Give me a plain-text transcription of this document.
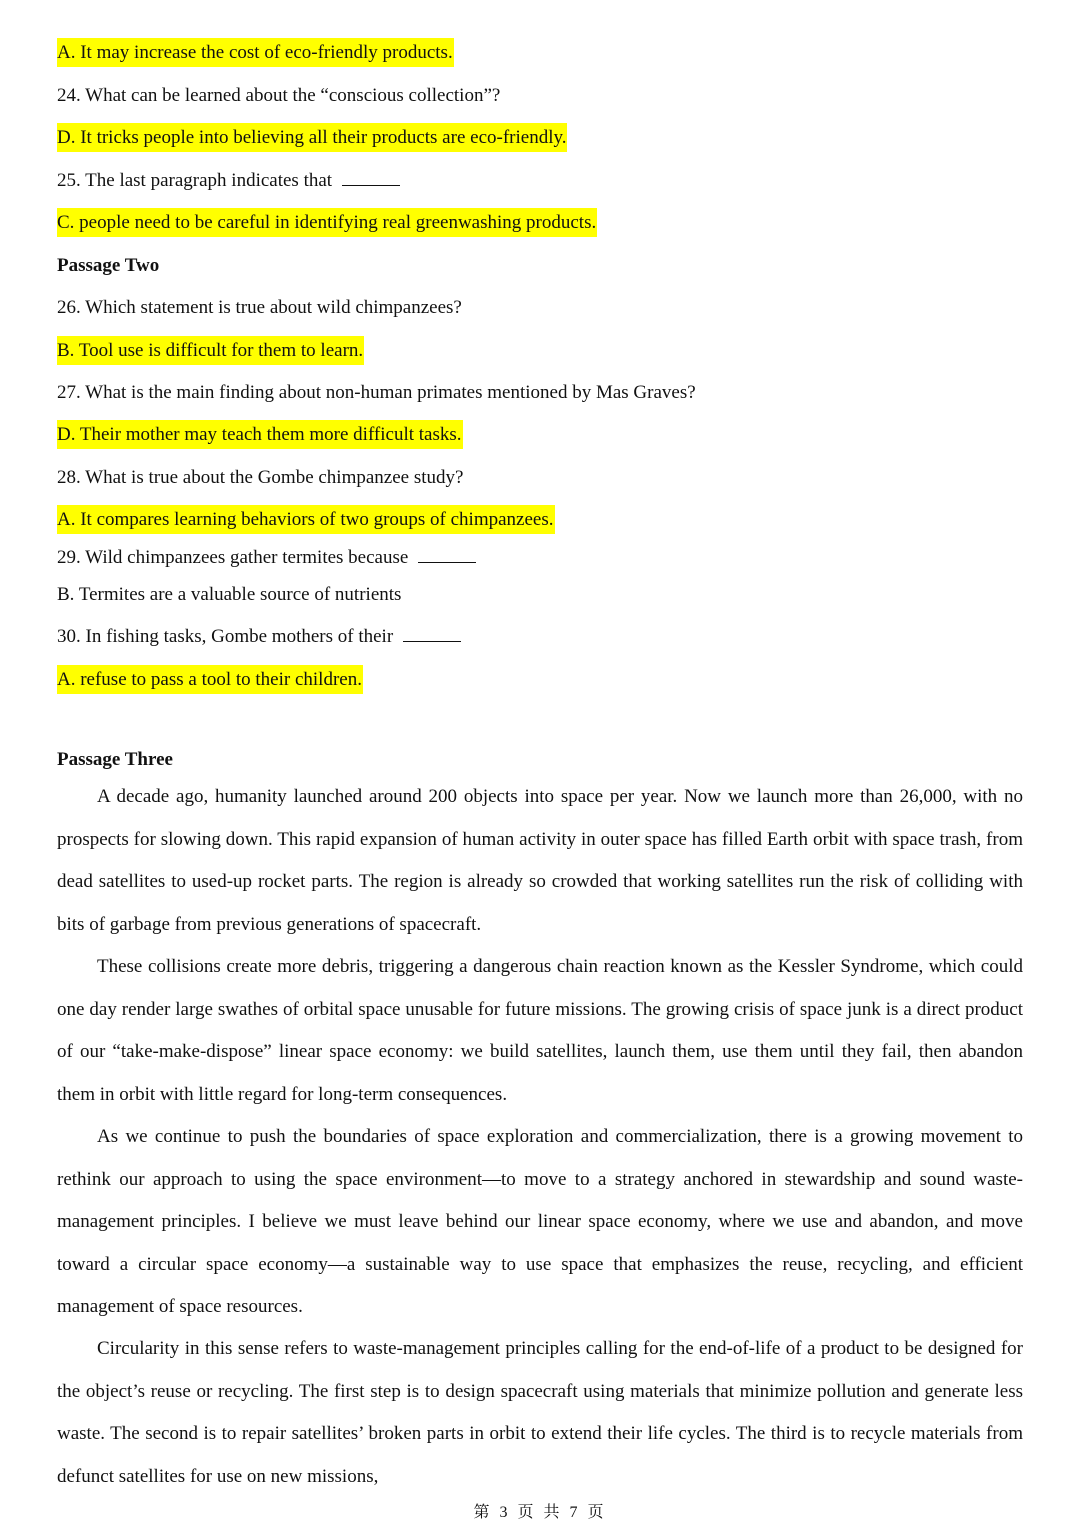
A. It may increase the cost of eco-friendly products.
24. What can be learned about the “conscious collection”?
D. It tricks people into believing all their products are eco-friendly.
25. The last paragraph indicates that
C. people need to be careful in identifying real greenwashing products.
Passage Two
26. Which statement is true about wild chimpanzees?
B. Tool use is difficult for them to learn.
27. What is the main finding about non-human primates mentioned by Mas Graves?
D. Their mother may teach them more difficult tasks.
28. What is true about the Gombe chimpanzee study?
A. It compares learning behaviors of two groups of chimpanzees.
29. Wild chimpanzees gather termites because
B. Termites are a valuable source of nutrients
30. In fishing tasks, Gombe mothers of their
A. refuse to pass a tool to their children.
Passage Three

A decade ago, humanity launched around 200 objects into space per year. Now we launch more than 26,000, with no prospects for slowing down. This rapid expansion of human activity in outer space has filled Earth orbit with space trash, from dead satellites to used-up rocket parts. The region is already so crowded that working satellites run the risk of colliding with bits of garbage from previous generations of spacecraft.

These collisions create more debris, triggering a dangerous chain reaction known as the Kessler Syndrome, which could one day render large swathes of orbital space unusable for future missions. The growing crisis of space junk is a direct product of our “take-make-dispose” linear space economy: we build satellites, launch them, use them until they fail, then abandon them in orbit with little regard for long-term consequences.

As we continue to push the boundaries of space exploration and commercialization, there is a growing movement to rethink our approach to using the space environment—to move to a strategy anchored in stewardship and sound waste-management principles. I believe we must leave behind our linear space economy, where we use and abandon, and move toward a circular space economy—a sustainable way to use space that emphasizes the reuse, recycling, and efficient management of space resources.

Circularity in this sense refers to waste-management principles calling for the end-of-life of a product to be designed for the object’s reuse or recycling. The first step is to design spacecraft using materials that minimize pollution and generate less waste. The second is to repair satellites’ broken parts in orbit to extend their life cycles. The third is to recycle materials from defunct satellites for use on new missions,

第 3 页 共 7 页
